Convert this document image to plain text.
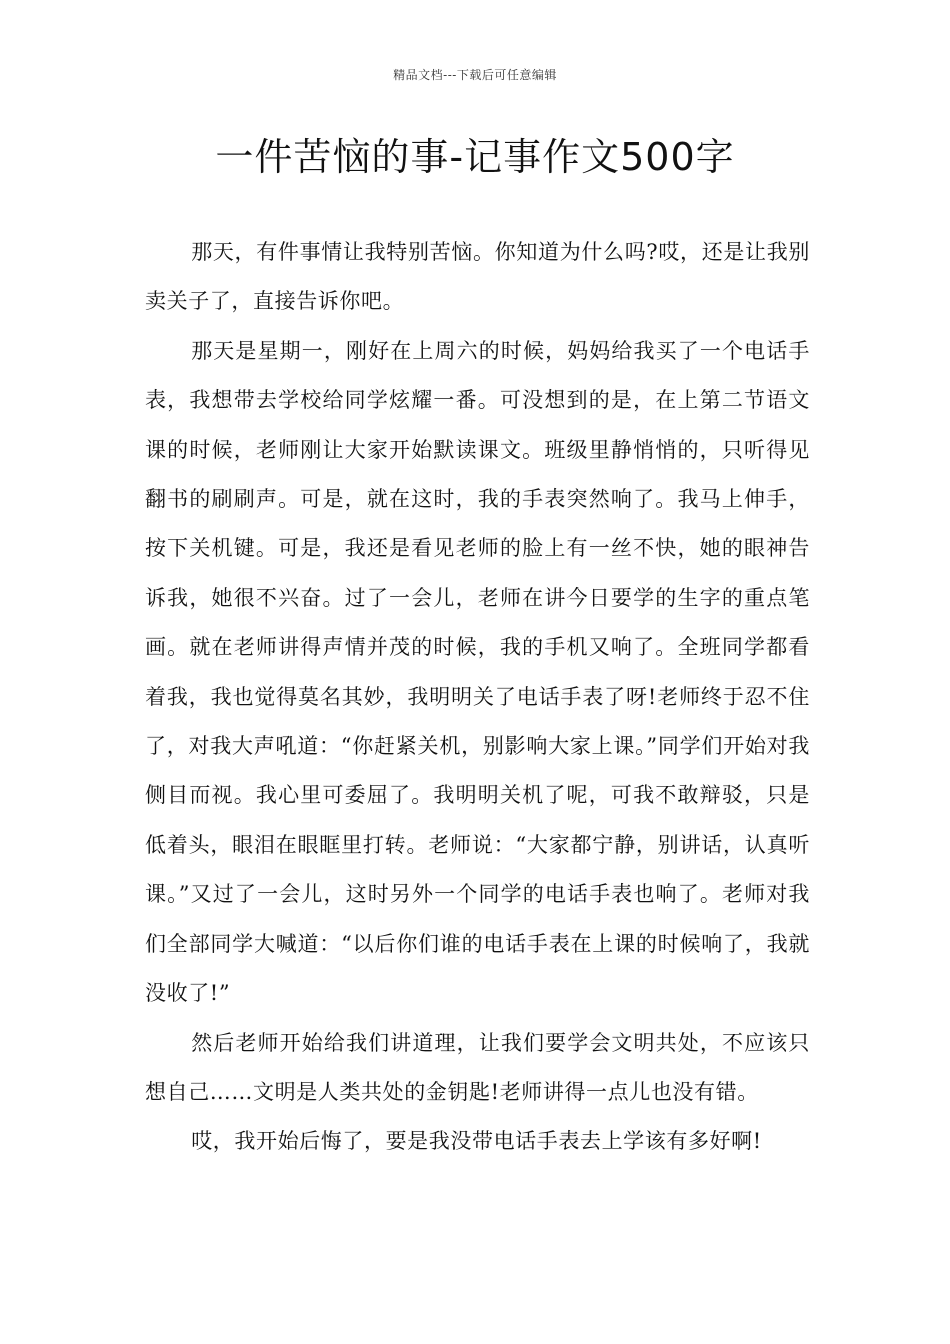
精品文档---下载后可任意编辑
一件苦恼的事-记事作文500字

那天，有件事情让我特别苦恼。你知道为什么吗?哎，还是让我别卖关子了，直接告诉你吧。

那天是星期一，刚好在上周六的时候，妈妈给我买了一个电话手表，我想带去学校给同学炫耀一番。可没想到的是，在上第二节语文课的时候，老师刚让大家开始默读课文。班级里静悄悄的，只听得见翻书的刷刷声。可是，就在这时，我的手表突然响了。我马上伸手，按下关机键。可是，我还是看见老师的脸上有一丝不快，她的眼神告诉我，她很不兴奋。过了一会儿，老师在讲今日要学的生字的重点笔画。就在老师讲得声情并茂的时候，我的手机又响了。全班同学都看着我，我也觉得莫名其妙，我明明关了电话手表了呀!老师终于忍不住了，对我大声吼道：“你赶紧关机，别影响大家上课。”同学们开始对我侧目而视。我心里可委屈了。我明明关机了呢，可我不敢辩驳，只是低着头，眼泪在眼眶里打转。老师说：“大家都宁静，别讲话，认真听课。”又过了一会儿，这时另外一个同学的电话手表也响了。老师对我们全部同学大喊道：“以后你们谁的电话手表在上课的时候响了，我就没收了!”

然后老师开始给我们讲道理，让我们要学会文明共处，不应该只想自己……文明是人类共处的金钥匙!老师讲得一点儿也没有错。

哎，我开始后悔了，要是我没带电话手表去上学该有多好啊!
